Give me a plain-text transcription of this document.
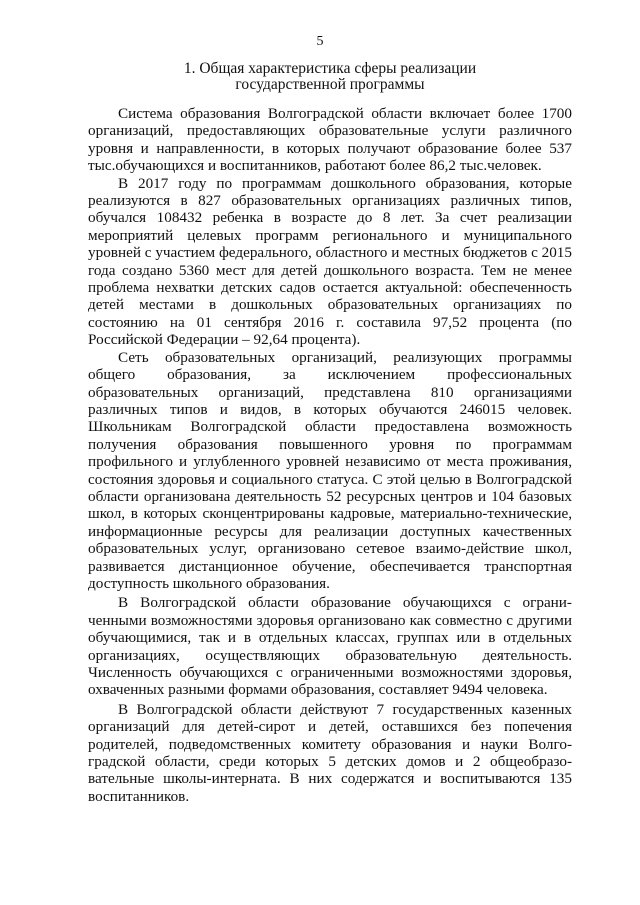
5
1. Общая характеристика сферы реализации
государственной программы

Система образования Волгоградской области включает более 1700 организаций, предоставляющих образовательные услуги различного уровня и направленности, в которых получают образование более 537 тыс.обучающихся и воспитанников, работают более 86,2 тыс.человек.

В 2017 году по программам дошкольного образования, которые реализуются в 827 образовательных организациях различных типов, обучался 108432 ребенка в возрасте до 8 лет. За счет реализации мероприятий целевых программ регионального и муниципального уровней с участием федерального, областного и местных бюджетов с 2015 года создано 5360 мест для детей дошкольного возраста. Тем не менее проблема нехватки детских садов остается актуальной: обеспеченность детей местами в дошкольных образовательных организациях по состоянию на 01 сентября 2016 г. составила 97,52 процента (по Российской Федерации – 92,64 процента).

Сеть образовательных организаций, реализующих программы общего образования, за исключением профессиональных образовательных организаций, представлена 810 организациями различных типов и видов, в которых обучаются 246015 человек. Школьникам Волгоградской области предоставлена возможность получения образования повышенного уровня по программам профильного и углубленного уровней независимо от места проживания, состояния здоровья и социального статуса. С этой целью в Волгоградской области организована деятельность 52 ресурсных центров и 104 базовых школ, в которых сконцентрированы кадровые, материально-технические, информационные ресурсы для реализации доступных качественных образовательных услуг, организовано сетевое взаимо-действие школ, развивается дистанционное обучение, обеспечивается транспортная доступность школьного образования.

В Волгоградской области образование обучающихся с ограни-ченными возможностями здоровья организовано как совместно с другими обучающимися, так и в отдельных классах, группах или в отдельных организациях, осуществляющих образовательную деятельность. Численность обучающихся с ограниченными возможностями здоровья, охваченных разными формами образования, составляет 9494 человека.

В Волгоградской области действуют 7 государственных казенных организаций для детей-сирот и детей, оставшихся без попечения родителей, подведомственных комитету образования и науки Волго-градской области, среди которых 5 детских домов и 2 общеобразо-вательные школы-интерната. В них содержатся и воспитываются 135 воспитанников.
